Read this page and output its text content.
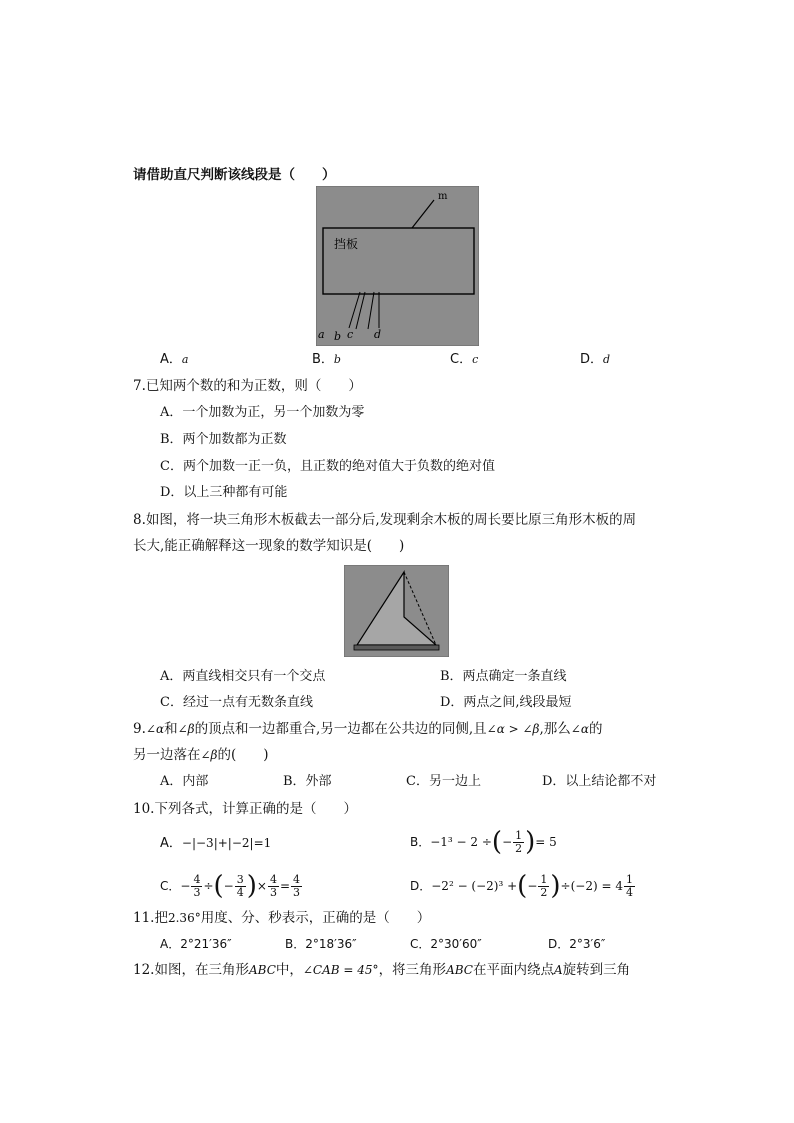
请借助直尺判断该线段是（　　）
m
挡板
a b c d
A．$^a$	B．$^b$	C．$^c$	D．$^d$
7.已知两个数的和为正数，则（　　）
A．一个加数为正，另一个加数为零
B．两个加数都为正数
C．两个加数一正一负，且正数的绝对值大于负数的绝对值
D．以上三种都有可能
8.如图，将一块三角形木板截去一部分后,发现剩余木板的周长要比原三角形木板的周
长大,能正确解释这一现象的数学知识是(　　)
A．两直线相交只有一个交点	B．两点确定一条直线
C．经过一点有无数条直线	D．两点之间,线段最短
9.∠α和∠β的顶点和一边都重合,另一边都在公共边的同侧,且∠α > ∠β,那么∠α的
另一边落在∠β的(　　)
A．内部	B．外部	C．另一边上	D．以上结论都不对
10.下列各式，计算正确的是（　　）
A．−|−3|+|−2|=1	B． −1³ − 2 ÷ ( − $\frac{1}{2}$ ) = 5
C． − $\frac{4}{3}$ ÷ ( − $\frac{3}{4}$ ) × $\frac{4}{3} = \frac{4}{3}$	D． −2² − (−2)³ + ( − $\frac{1}{2}$ ) $\div(-2) = 4 \frac{1}{4}$
11.把2.36°用度、分、秒表示，正确的是（　　）
A．2°21′36″	B．2°18′36″	C．2°30′60″	D．2°3′6″
12.如图，在三角形ABC中，∠CAB = 45°，将三角形ABC在平面内绕点A旋转到三角
